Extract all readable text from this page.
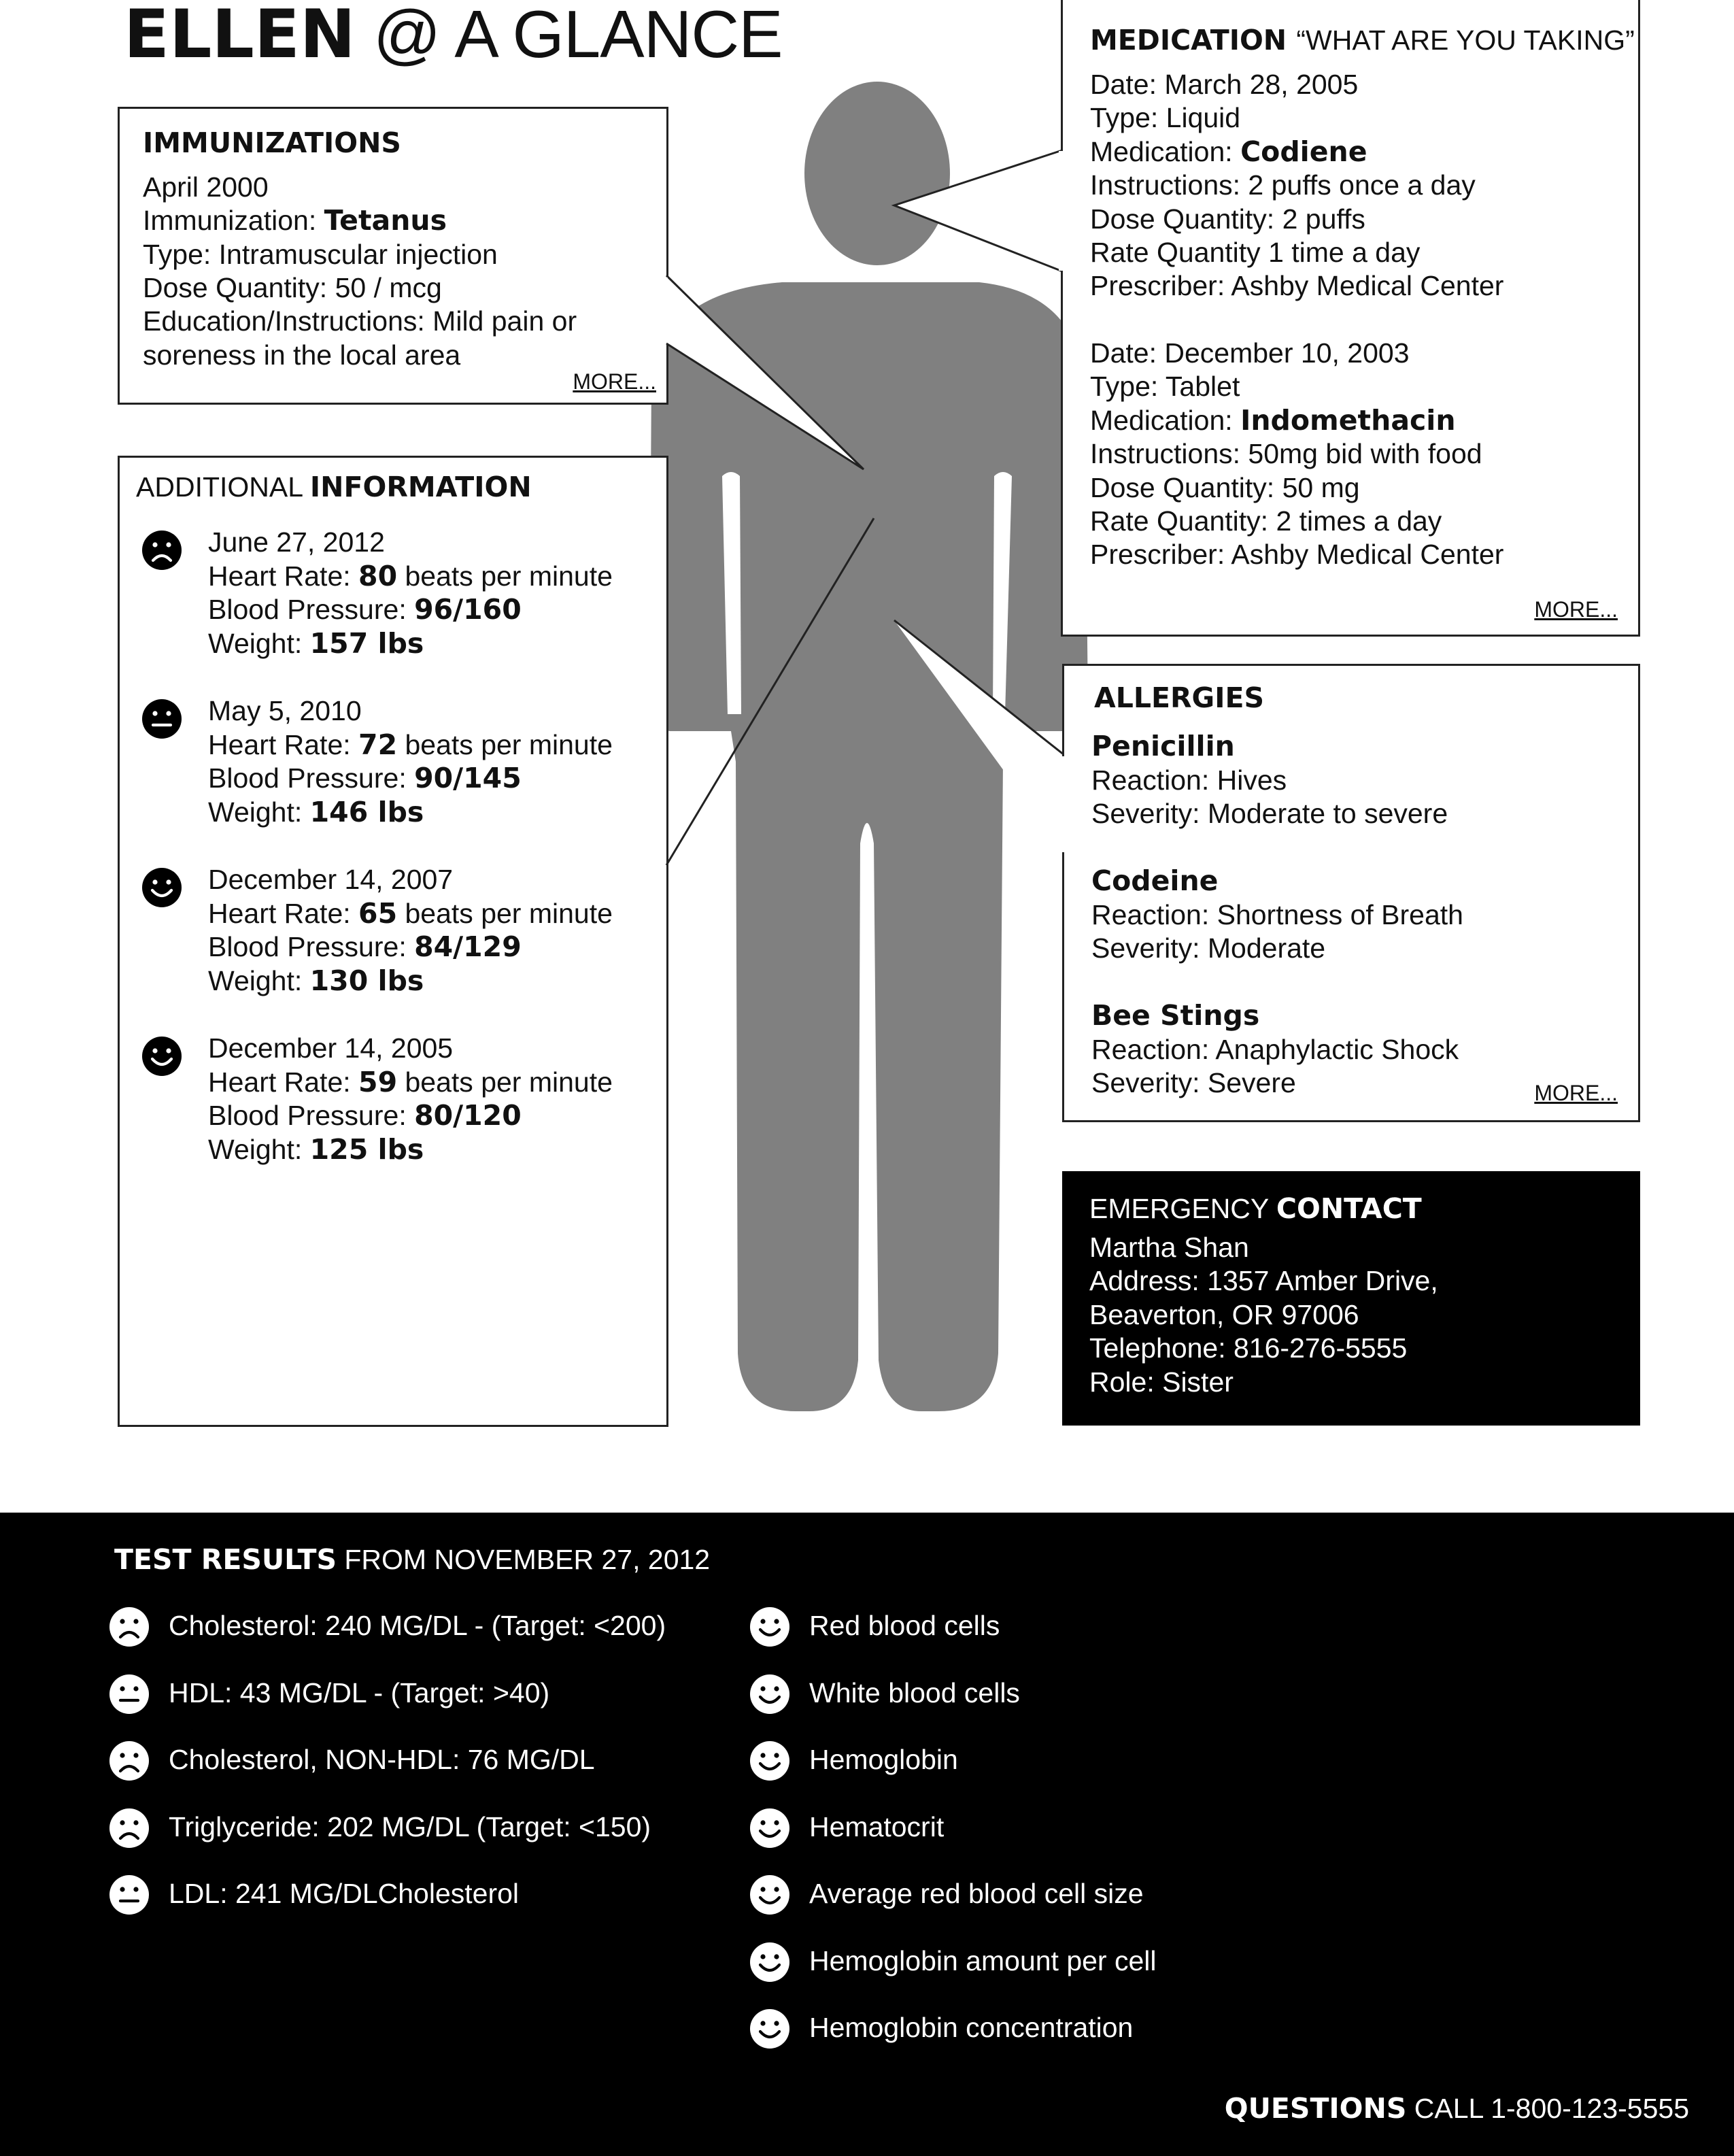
ELLEN @ A GLANCE
IMMUNIZATIONS
April 2000
Immunization: Tetanus
Type: Intramuscular injection
Dose Quantity: 50 / mcg
Education/Instructions: Mild pain or
soreness in the local area
MORE...
ADDITIONAL INFORMATION
June 27, 2012
Heart Rate: 80 beats per minute
Blood Pressure: 96/160
Weight: 157 lbs
May 5, 2010
Heart Rate: 72 beats per minute
Blood Pressure: 90/145
Weight: 146 lbs
December 14, 2007
Heart Rate: 65 beats per minute
Blood Pressure: 84/129
Weight: 130 lbs
December 14, 2005
Heart Rate: 59 beats per minute
Blood Pressure: 80/120
Weight: 125 lbs
MEDICATION “WHAT ARE YOU TAKING”
Date: March 28, 2005
Type: Liquid
Medication: Codiene
Instructions: 2 puffs once a day
Dose Quantity: 2 puffs
Rate Quantity 1 time a day
Prescriber: Ashby Medical Center
Date: December 10, 2003
Type: Tablet
Medication: Indomethacin
Instructions: 50mg bid with food
Dose Quantity: 50 mg
Rate Quantity: 2 times a day
Prescriber: Ashby Medical Center
MORE...
ALLERGIES
Penicillin
Reaction: Hives
Severity: Moderate to severe
Codeine
Reaction: Shortness of Breath
Severity: Moderate
Bee Stings
Reaction: Anaphylactic Shock
Severity: Severe	MORE...
EMERGENCY CONTACT
Martha Shan
Address: 1357 Amber Drive,
Beaverton, OR 97006
Telephone: 816-276-5555
Role: Sister
TEST RESULTS FROM NOVEMBER 27, 2012
Cholesterol: 240 MG/DL - (Target: <200)
HDL: 43 MG/DL - (Target: >40)
Cholesterol, NON-HDL: 76 MG/DL
Triglyceride: 202 MG/DL (Target: <150)
LDL: 241 MG/DLCholesterol
Red blood cells
White blood cells
Hemoglobin
Hematocrit
Average red blood cell size
Hemoglobin amount per cell
Hemoglobin concentration
QUESTIONS CALL 1-800-123-5555
